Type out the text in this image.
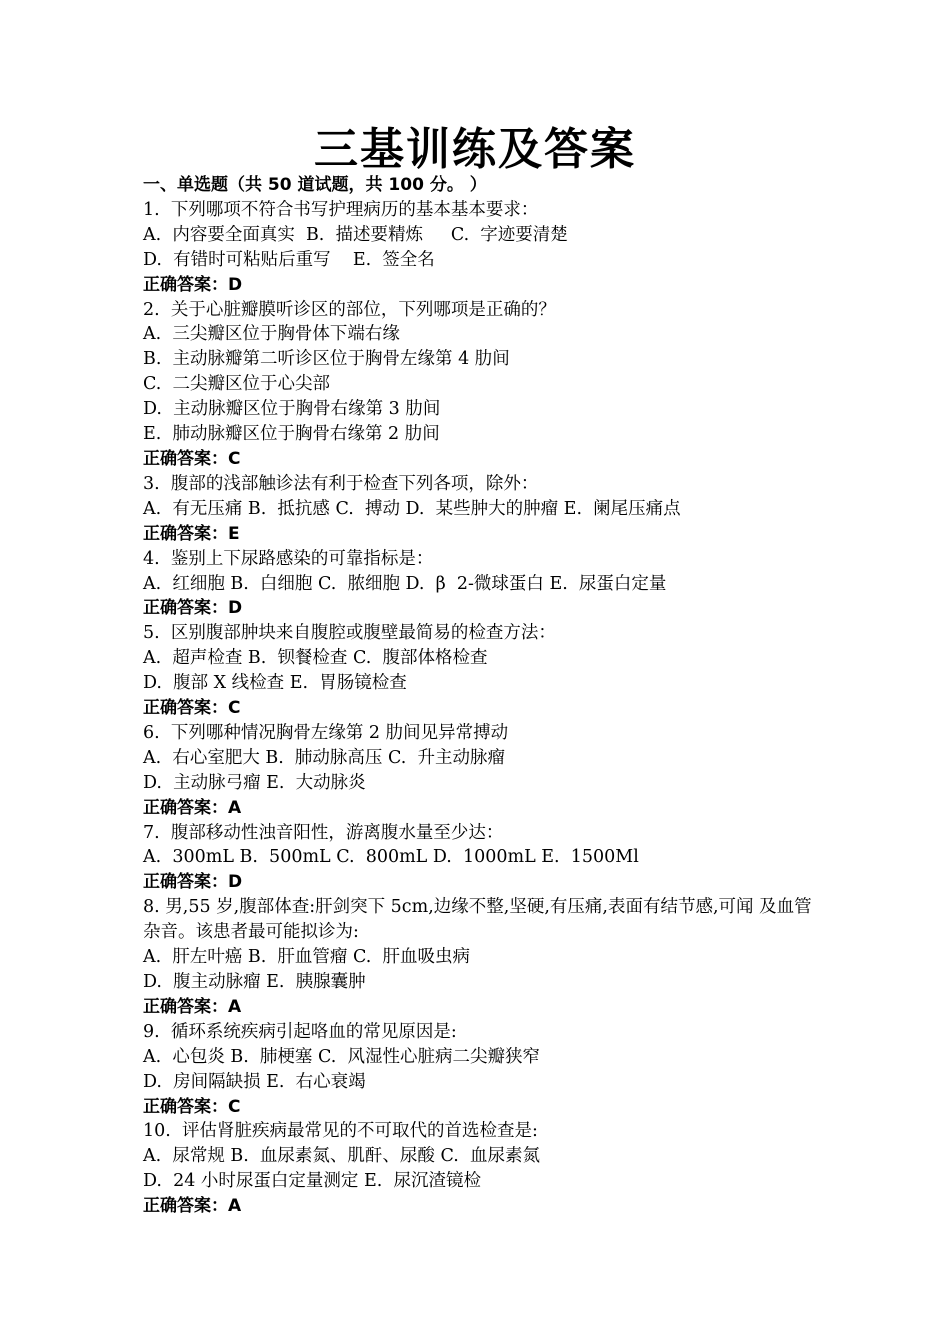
三基训练及答案
一、单选题（共 50 道试题，共 100 分。 ）
1.  下列哪项不符合书写护理病历的基本基本要求：
A.  内容要全面真实  B.  描述要精炼     C.  字迹要清楚
D.  有错时可粘贴后重写    E.  签全名
正确答案：D
2.  关于心脏瓣膜听诊区的部位，下列哪项是正确的？
A.  三尖瓣区位于胸骨体下端右缘
B.  主动脉瓣第二听诊区位于胸骨左缘第 4 肋间
C.  二尖瓣区位于心尖部
D.  主动脉瓣区位于胸骨右缘第 3 肋间
E.  肺动脉瓣区位于胸骨右缘第 2 肋间
正确答案：C
3.  腹部的浅部触诊法有利于检查下列各项，除外：
A.  有无压痛 B.  抵抗感 C.  搏动 D.  某些肿大的肿瘤 E.  阑尾压痛点
正确答案：E
4.  鉴别上下尿路感染的可靠指标是：
A.  红细胞 B.  白细胞 C.  脓细胞 D.  β  2-微球蛋白 E.  尿蛋白定量
正确答案：D
5.  区别腹部肿块来自腹腔或腹壁最简易的检查方法：
A.  超声检查 B.  钡餐检查 C.  腹部体格检查
D.  腹部 X 线检查 E.  胃肠镜检查
正确答案：C
6.  下列哪种情况胸骨左缘第 2 肋间见异常搏动
A.  右心室肥大 B.  肺动脉高压 C.  升主动脉瘤
D.  主动脉弓瘤 E.  大动脉炎
正确答案：A
7.  腹部移动性浊音阳性，游离腹水量至少达：
A.  300mL B.  500mL C.  800mL D.  1000mL E.  1500Ml
正确答案：D
8. 男,55 岁,腹部体查:肝剑突下 5cm,边缘不整,坚硬,有压痛,表面有结节感,可闻 及血管杂音。该患者最可能拟诊为:
A.  肝左叶癌 B.  肝血管瘤 C.  肝血吸虫病
D.  腹主动脉瘤 E.  胰腺囊肿
正确答案：A
9.  循环系统疾病引起咯血的常见原因是:
A.  心包炎 B.  肺梗塞 C.  风湿性心脏病二尖瓣狭窄
D.  房间隔缺损 E.  右心衰竭
正确答案：C
10.  评估肾脏疾病最常见的不可取代的首选检查是:
A.  尿常规 B.  血尿素氮、肌酐、尿酸 C.  血尿素氮
D.  24 小时尿蛋白定量测定 E.  尿沉渣镜检
正确答案：A
